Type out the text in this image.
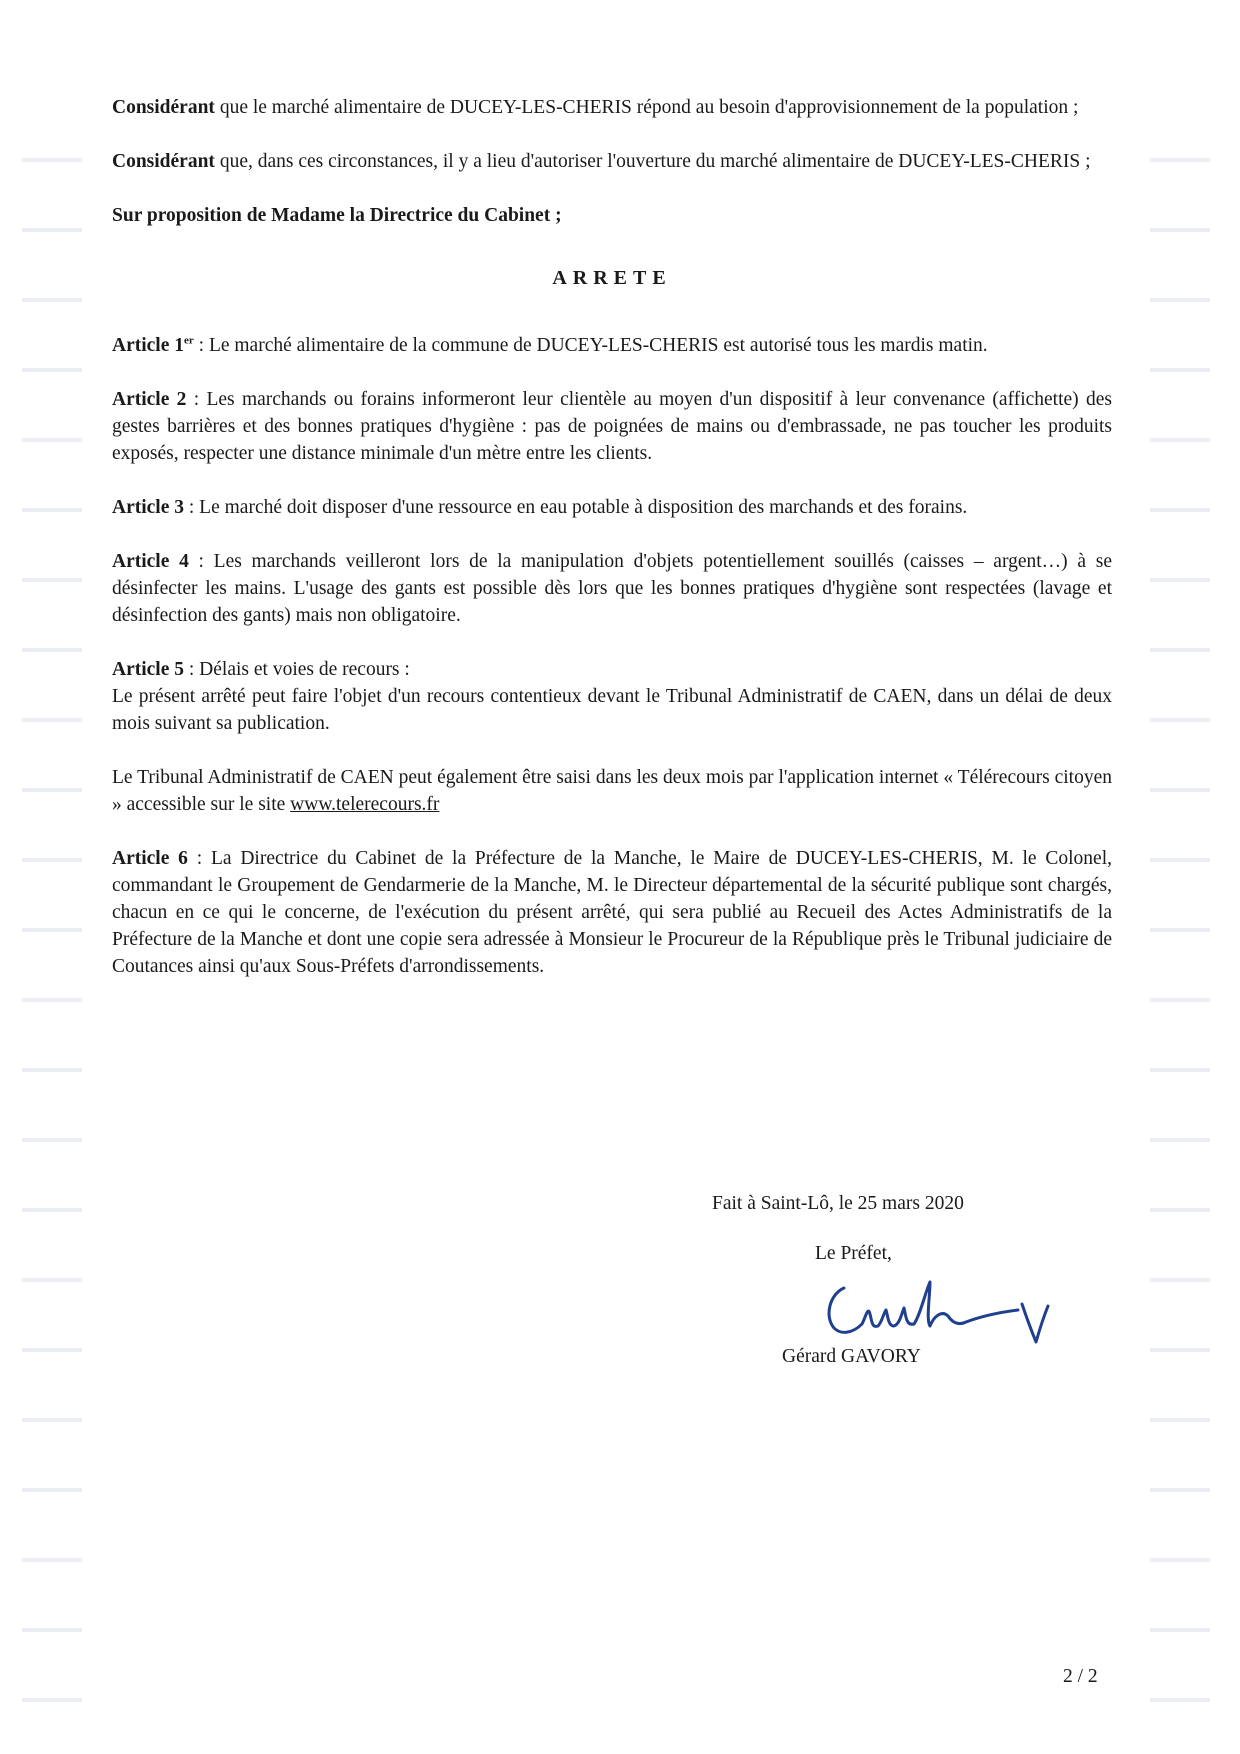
Considérant que le marché alimentaire de DUCEY-LES-CHERIS répond au besoin d'approvisionnement de la population ;

Considérant que, dans ces circonstances, il y a lieu d'autoriser l'ouverture du marché alimentaire de DUCEY-LES-CHERIS ;

Sur proposition de Madame la Directrice du Cabinet ;

ARRETE

Article 1er : Le marché alimentaire de la commune de DUCEY-LES-CHERIS est autorisé tous les mardis matin.

Article 2 : Les marchands ou forains informeront leur clientèle au moyen d'un dispositif à leur convenance (affichette) des gestes barrières et des bonnes pratiques d'hygiène : pas de poignées de mains ou d'embrassade, ne pas toucher les produits exposés, respecter une distance minimale d'un mètre entre les clients.

Article 3 : Le marché doit disposer d'une ressource en eau potable à disposition des marchands et des forains.

Article 4 : Les marchands veilleront lors de la manipulation d'objets potentiellement souillés (caisses – argent…) à se désinfecter les mains. L'usage des gants est possible dès lors que les bonnes pratiques d'hygiène sont respectées (lavage et désinfection des gants) mais non obligatoire.

Article 5 : Délais et voies de recours :
Le présent arrêté peut faire l'objet d'un recours contentieux devant le Tribunal Administratif de CAEN, dans un délai de deux mois suivant sa publication.

Le Tribunal Administratif de CAEN peut également être saisi dans les deux mois par l'application internet « Télérecours citoyen » accessible sur le site www.telerecours.fr

Article 6 : La Directrice du Cabinet de la Préfecture de la Manche, le Maire de DUCEY-LES-CHERIS, M. le Colonel, commandant le Groupement de Gendarmerie de la Manche, M. le Directeur départemental de la sécurité publique sont chargés, chacun en ce qui le concerne, de l'exécution du présent arrêté, qui sera publié au Recueil des Actes Administratifs de la Préfecture de la Manche et dont une copie sera adressée à Monsieur le Procureur de la République près le Tribunal judiciaire de Coutances ainsi qu'aux Sous-Préfets d'arrondissements.

Fait à Saint-Lô, le 25 mars 2020
Le Préfet,
Gérard GAVORY
2 / 2
